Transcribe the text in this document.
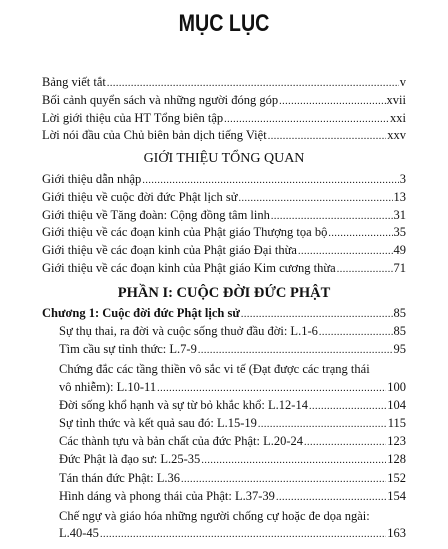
MỤC LỤC
Bảng viết tắt .....	v
Bối cảnh quyển sách và những người đóng góp .....	xvii
Lời giới thiệu của HT Tổng biên tập .....	xxi
Lời nói đầu của Chủ biên bản dịch tiếng Việt .....	xxv
GIỚI THIỆU TỔNG QUAN
Giới thiệu dẫn nhập .....	3
Giới thiệu về cuộc đời đức Phật lịch sử .....	13
Giới thiệu về Tăng đoàn: Cộng đồng tâm linh .....	31
Giới thiệu về các đoạn kinh của Phật giáo Thượng tọa bộ .....	35
Giới thiệu về các đoạn kinh của Phật giáo Đại thừa .....	49
Giới thiệu về các đoạn kinh của Phật giáo Kim cương thừa .....	71
PHẦN I: CUỘC ĐỜI ĐỨC PHẬT
Chương 1: Cuộc đời đức Phật lịch sử .....	85
Sự thụ thai, ra đời và cuộc sống thuở đầu đời: L.1-6 .....	85
Tìm cầu sự tỉnh thức: L.7-9 .....	95
Chứng đắc các tầng thiền vô sắc vi tế (Đạt được các trạng thái
vô nhiễm): L.10-11 .....	100
Đời sống khổ hạnh và sự từ bỏ khắc khổ: L.12-14 .....	104
Sự tỉnh thức và kết quả sau đó: L.15-19 .....	115
Các thành tựu và bản chất của đức Phật: L.20-24 .....	123
Đức Phật là đạo sư: L.25-35 .....	128
Tán thán đức Phật: L.36 .....	152
Hình dáng và phong thái của Phật: L.37-39 .....	154
Chế ngự và giáo hóa những người chống cự hoặc đe dọa ngài:
L.40-45 .....	163
